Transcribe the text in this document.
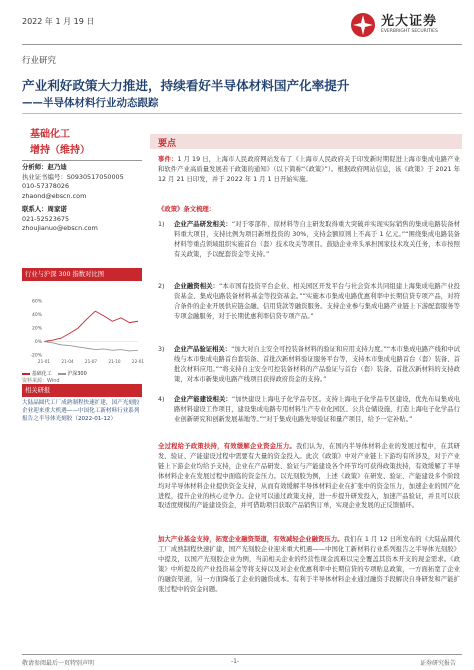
2022 年 1 月 19 日	光大证券
EVERBRIGHT SECURITIES
行业研究
产业利好政策大力推进，持续看好半导体材料国产化率提升
——半导体材料行业动态跟踪
基础化工
增持（维持）
分析师：赵乃迪
执业证书编号：S0930517050005
010-57378026
zhaond@ebscn.com
联系人：周家诺
021-52523675
zhoujianuo@ebscn.com
行业与沪深 300 指数对比图
60%
40%
20%
0%
-20%
21-01	21-04	21-07	21-10	22-01
基础化工	沪深300
资料来源：Wind
相关研报
大陆晶圆代工厂成熟制程快速扩建，国产光刻胶企业迎来重大机遇——中国化工新材料行业系列报告之半导体光刻胶（2022-01-12）
要点
事件：1 月 19 日，上海市人民政府网站发布了《上海市人民政府关于印发新时期促进上海市集成电路产业和软件产业高质量发展若干政策的通知》（以下简称“《政策》”）。根据政府网站信息，该《政策》于 2021 年 12 月 21 日印发，并于 2022 年 1 月 1 日开始实施。
《政策》条文梳理：
1) 企业产品研发相关：“对于零部件、原材料等自主研发取得重大突破并实现实际销售的集成电路装备材料重大项目，支持比例为项目新增投资的 30%，支持金额原则上不高于 1 亿元。”“围绕集成电路装备材料等重点领域组织实施首台（套）技术攻关等项目。鼓励企业牵头承担国家技术攻关任务，本市按照有关政策，予以配套资金等支持。”
2) 企业融资相关：“本市国有投资平台企业、相关园区开发平台与社会资本共同组建上海集成电路产业投资基金、集成电路装备材料基金等投资基金。”“实施本市集成电路优惠利率中长期信贷专项产品，对符合条件的企业开展供应链金融、信用贷款等融资服务。支持企业参与集成电路产业链上下游配套服务等专项金融服务，对于长期优惠利率信贷专项产品。”
3) 企业产品验证相关：“加大对自主安全可控装备材料的验证和应用支持力度。”“本市集成电路产线和中试线与本市集成电路首台套装备、首批次新材料验证服务平台等，支持本市集成电路首台（套）装备、首批次材料应用。”“将支持自主安全可控装备材料的产品验证与首台（套）装备、首批次新材料的支持政策，对本市新集成电路产线项目获得政府资金的支持。”
4) 企业产能建设相关：“加快建设上海电子化学品专区。支持上海电子化学品专区建设，优先布局集成电路材料建设工作项目，建设集成电路专用材料生产专业化园区、公共仓储设施，打造上海电子化学品行业创新研究和创新发展基地等。”“对于集成电路先导验证和量产项目，给予一定补贴。”
全过程给予政策扶持，有效缓解企业资金压力。我们认为，在国内半导体材料企业的发展过程中，在其研发、验证、产能建设过程中需要有大量的资金投入。此次《政策》中对产业链上下游均有所涉及，对于产业链上下游企业均给予支持，企业在产品研发、验证与产能建设各个环节均可获得政策扶持，有效缓解了半导体材料企业在发展过程中面临的资金压力。以光刻胶为例，上述《政策》在研发、验证、产能建设多个阶段均对半导体材料企业提供资金支持，从而有效缓解半导体材料企业在扩张中的资金压力，加速企业的国产化进程，提升企业的核心竞争力。企业可以通过政策支持，进一步提升研发投入，加速产品验证，并且可以获取适度规模的产能建设资金，并可借助项目获取产品销售订单，实现企业发展的正反馈循环。
加大产业基金支持，拓宽企业融资渠道，有效减轻企业融资压力。我们在 1 月 12 日所发布的《大陆晶圆代工厂成熟制程快速扩建，国产光刻胶企业迎来重大机遇——中国化工新材料行业系列报告之半导体光刻胶》中提及，以国产光刻胶企业为例，当前相关企业的经营性现金流难以完全覆盖其资本开支的现金需求。《政策》中所提及的产业投资基金等将支持以及对企业优惠利率中长期信贷的专项贴息政策，一方面拓宽了企业的融资渠道，另一方面降低了企业的融资成本。有利于半导体材料企业通过融资手段解决自身研发和产能扩张过程中的资金问题。
敬请参阅最后一页特别声明	-1-	证券研究报告
